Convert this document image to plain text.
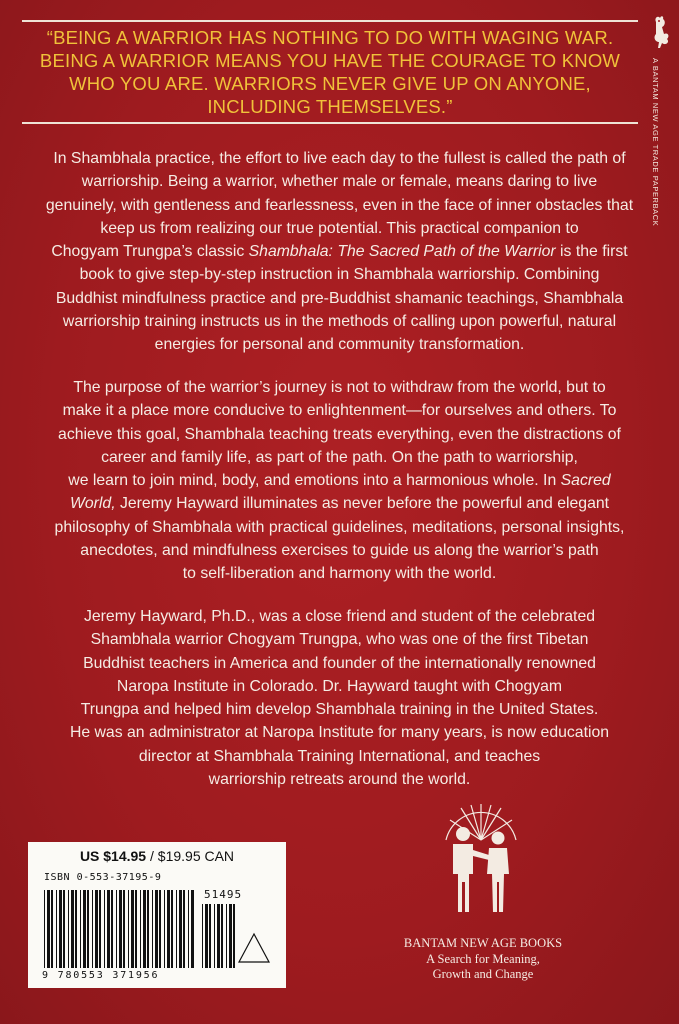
“BEING A WARRIOR HAS NOTHING TO DO WITH WAGING WAR.
BEING A WARRIOR MEANS YOU HAVE THE COURAGE TO KNOW
WHO YOU ARE. WARRIORS NEVER GIVE UP ON ANYONE,
INCLUDING THEMSELVES.”	A BANTAM NEW AGE TRADE PAPERBACK
In Shambhala practice, the effort to live each day to the fullest is called the path of
warriorship. Being a warrior, whether male or female, means daring to live
genuinely, with gentleness and fearlessness, even in the face of inner obstacles that
keep us from realizing our true potential. This practical companion to
Chogyam Trungpa’s classic Shambhala: The Sacred Path of the Warrior is the first
book to give step-by-step instruction in Shambhala warriorship. Combining
Buddhist mindfulness practice and pre-Buddhist shamanic teachings, Shambhala
warriorship training instructs us in the methods of calling upon powerful, natural
energies for personal and community transformation.
The purpose of the warrior’s journey is not to withdraw from the world, but to
make it a place more conducive to enlightenment—for ourselves and others. To
achieve this goal, Shambhala teaching treats everything, even the distractions of
career and family life, as part of the path. On the path to warriorship,
we learn to join mind, body, and emotions into a harmonious whole. In Sacred
World, Jeremy Hayward illuminates as never before the powerful and elegant
philosophy of Shambhala with practical guidelines, meditations, personal insights,
anecdotes, and mindfulness exercises to guide us along the warrior’s path
to self-liberation and harmony with the world.
Jeremy Hayward, Ph.D., was a close friend and student of the celebrated
Shambhala warrior Chogyam Trungpa, who was one of the first Tibetan
Buddhist teachers in America and founder of the internationally renowned
Naropa Institute in Colorado. Dr. Hayward taught with Chogyam
Trungpa and helped him develop Shambhala training in the United States.
He was an administrator at Naropa Institute for many years, is now education
director at Shambhala Training International, and teaches
warriorship retreats around the world.
US $14.95 / $19.95 CAN
ISBN 0-553-37195-9
51495
9 780553 371956
BANTAM NEW AGE BOOKS
A Search for Meaning,
Growth and Change
